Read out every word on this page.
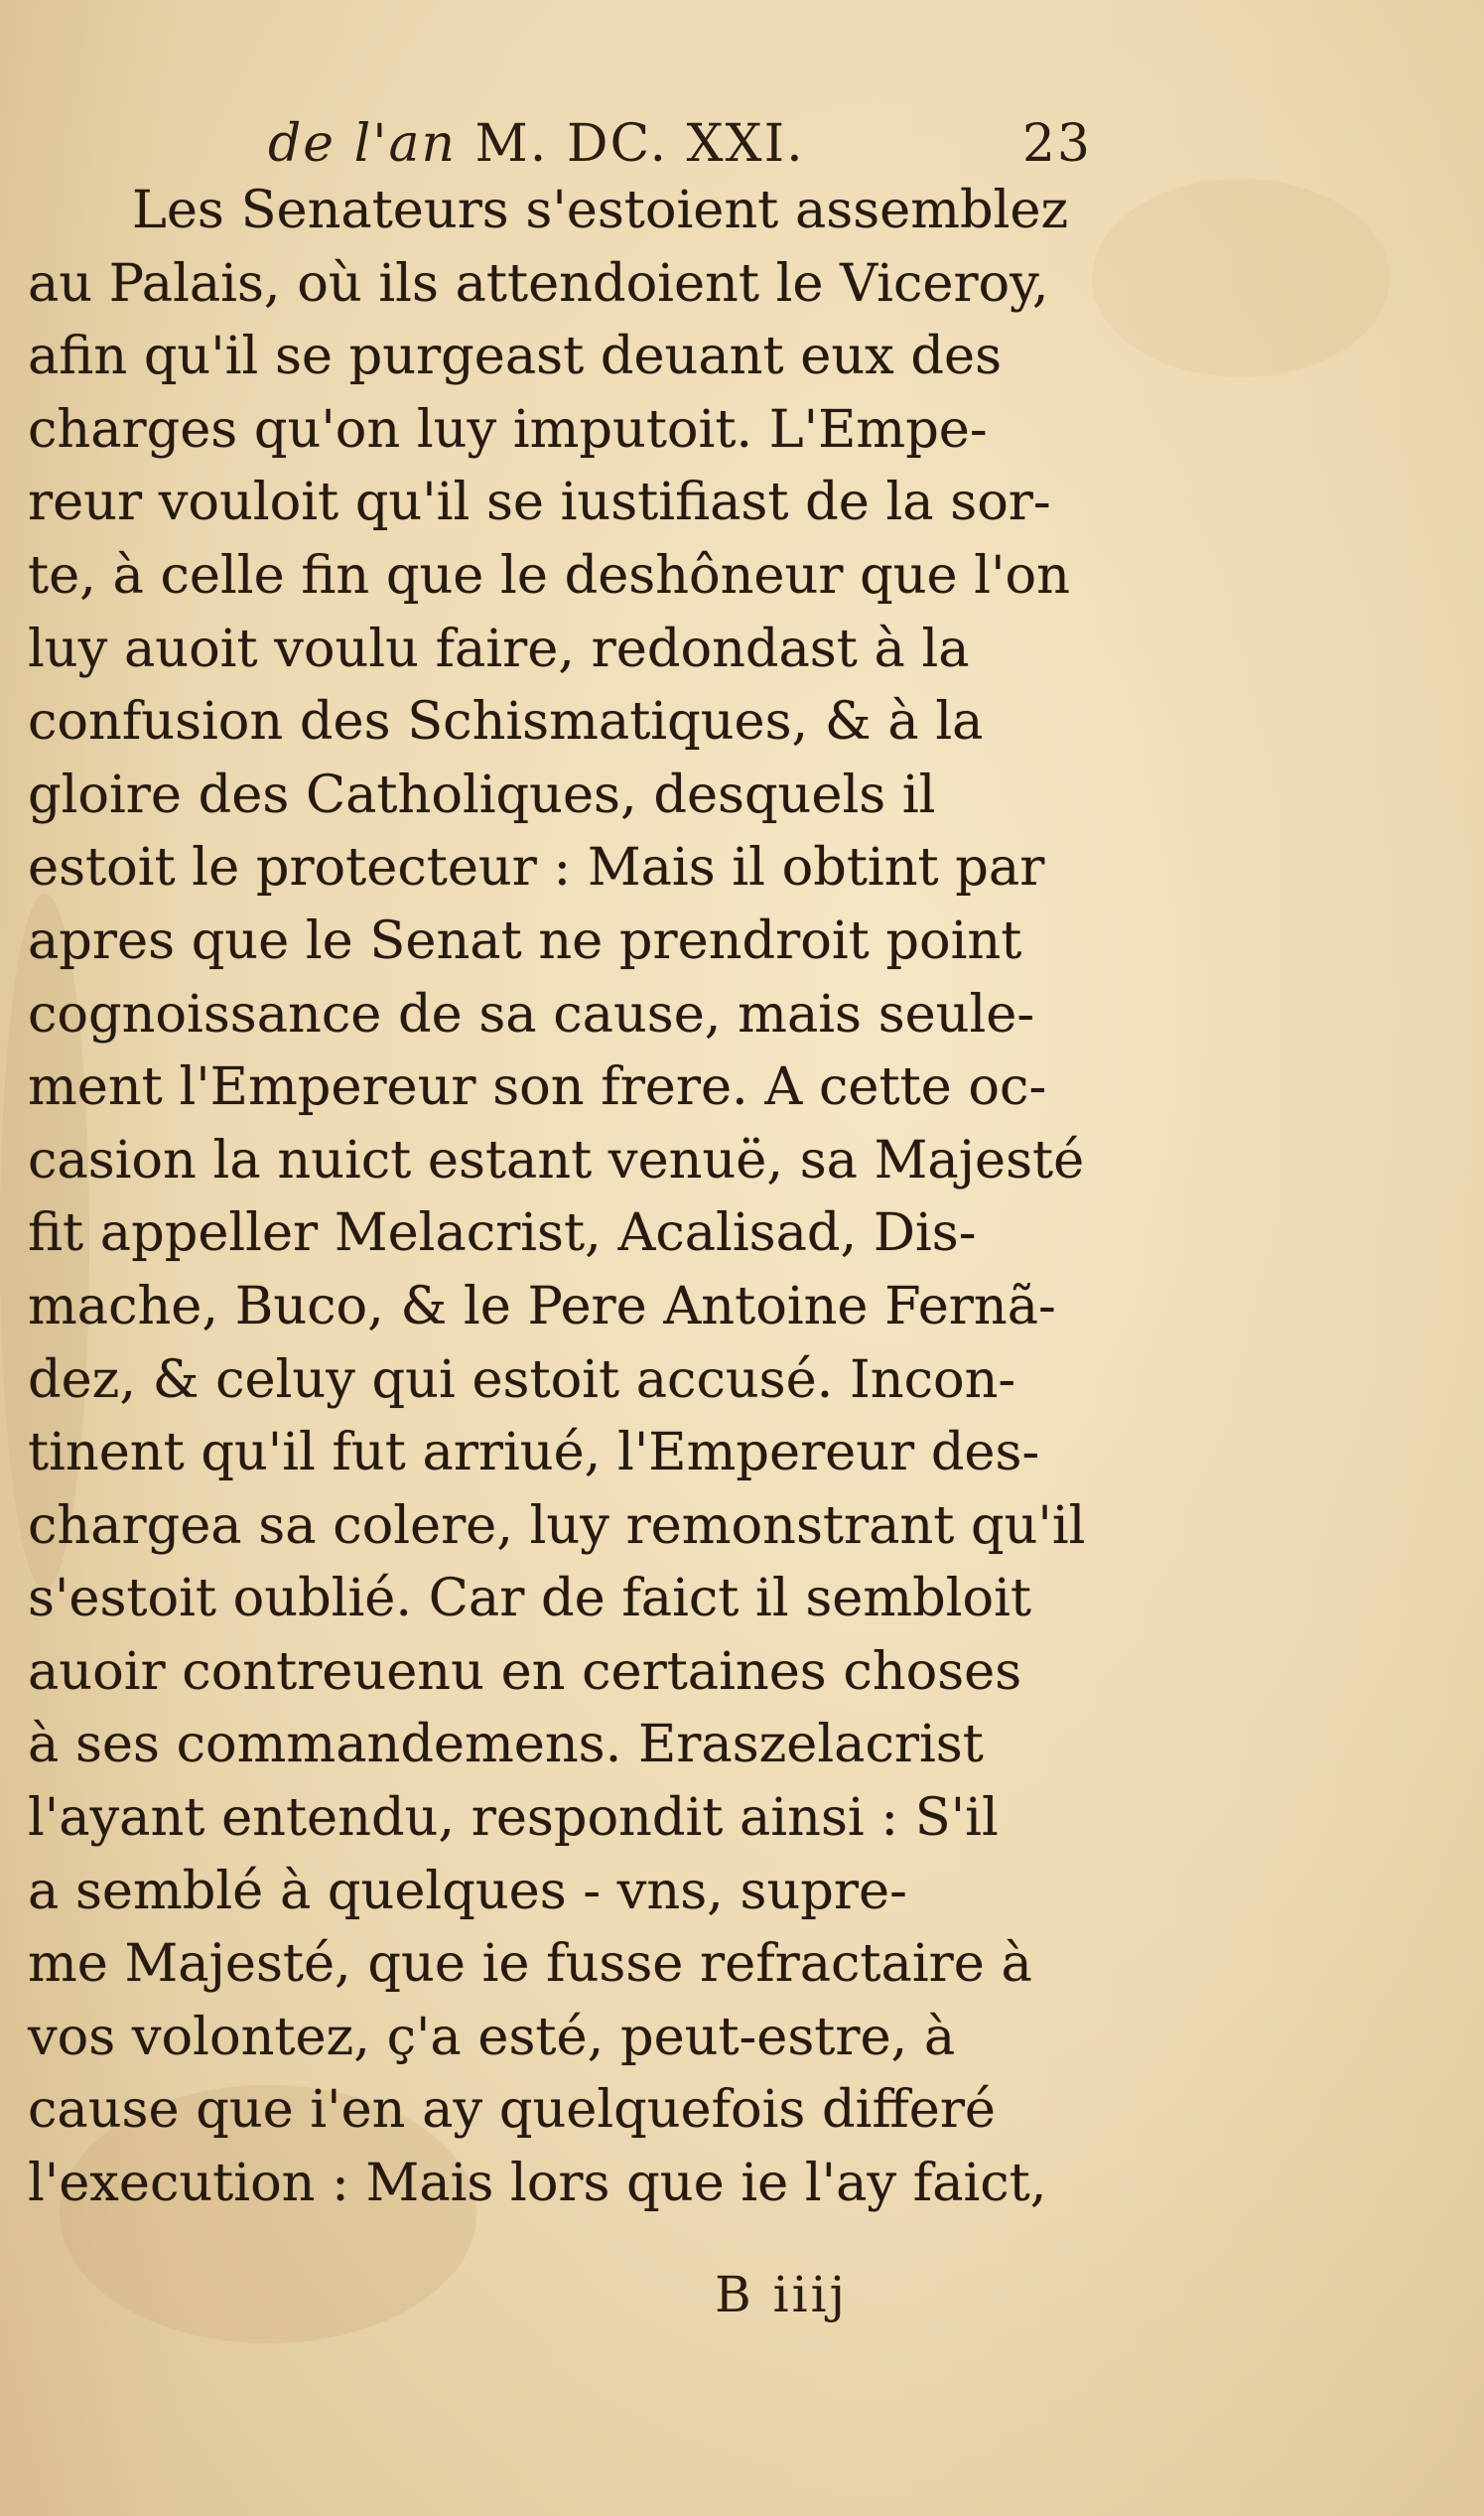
de l'an M. DC. XXI.	23
Les Senateurs s'estoient assemblez
au Palais, où ils attendoient le Viceroy,
afin qu'il se purgeast deuant eux des
charges qu'on luy imputoit. L'Empe-
reur vouloit qu'il se iustifiast de la sor-
te, à celle fin que le deshôneur que l'on
luy auoit voulu faire, redondast à la
confusion des Schismatiques, & à la
gloire des Catholiques, desquels il
estoit le protecteur : Mais il obtint par
apres que le Senat ne prendroit point
cognoissance de sa cause, mais seule-
ment l'Empereur son frere. A cette oc-
casion la nuict estant venuë, sa Majesté
fit appeller Melacrist, Acalisad, Dis-
mache, Buco, & le Pere Antoine Fernã-
dez, & celuy qui estoit accusé. Incon-
tinent qu'il fut arriué, l'Empereur des-
chargea sa colere, luy remonstrant qu'il
s'estoit oublié. Car de faict il sembloit
auoir contreuenu en certaines choses
à ses commandemens. Eraszelacrist
l'ayant entendu, respondit ainsi : S'il
a semblé à quelques - vns, supre-
me Majesté, que ie fusse refractaire à
vos volontez, ç'a esté, peut-estre, à
cause que i'en ay quelquefois differé
l'execution : Mais lors que ie l'ay faict,
B iiij
